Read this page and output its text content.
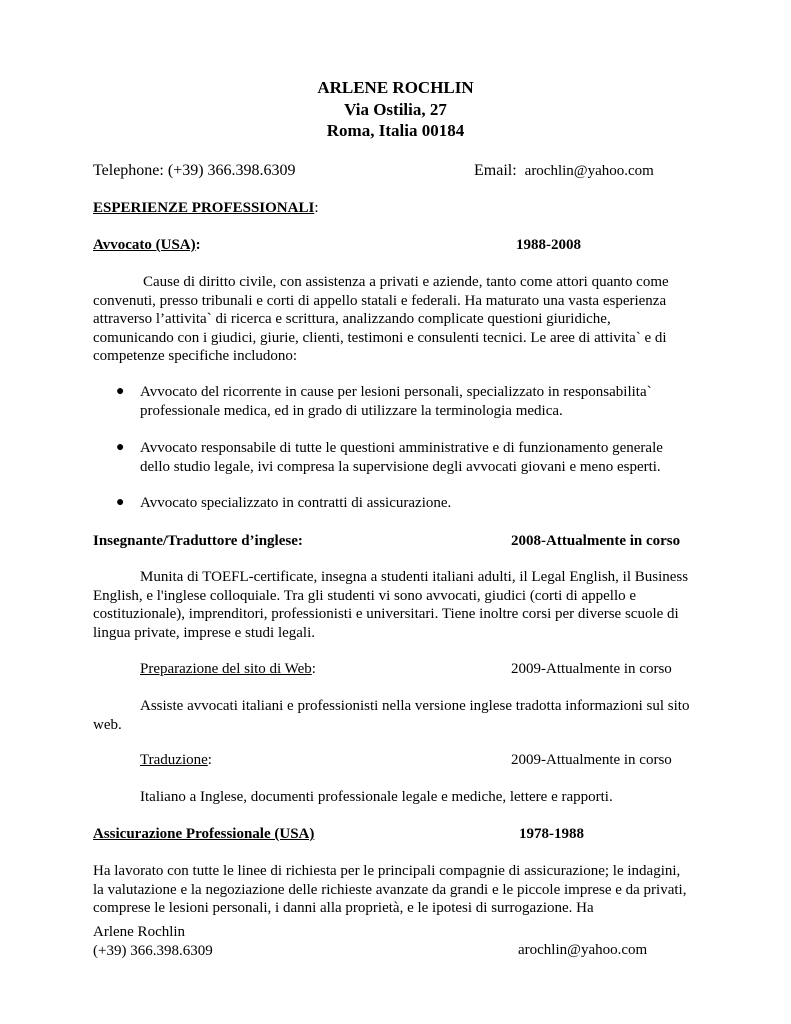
ARLENE ROCHLIN
Via Ostilia, 27
Roma, Italia 00184
Telephone: (+39) 366.398.6309	Email: arochlin@yahoo.com
ESPERIENZE PROFESSIONALI:
Avvocato (USA):	1988-2008

Cause di diritto civile, con assistenza a privati e aziende, tanto come attori quanto come convenuti, presso tribunali e corti di appello statali e federali. Ha maturato una vasta esperienza attraverso l’attivita` di ricerca e scrittura, analizzando complicate questioni giuridiche, comunicando con i giudici, giurie, clienti, testimoni e consulenti tecnici. Le aree di attivita` e di competenze specifiche includono:

● Avvocato del ricorrente in cause per lesioni personali, specializzato in responsabilita` professionale medica, ed in grado di utilizzare la terminologia medica.
● Avvocato responsabile di tutte le questioni amministrative e di funzionamento generale dello studio legale, ivi compresa la supervisione degli avvocati giovani e meno esperti.
● Avvocato specializzato in contratti di assicurazione.
Insegnante/Traduttore d’inglese:	2008-Attualmente in corso

Munita di TOEFL-certificate, insegna a studenti italiani adulti, il Legal English, il Business English, e l'inglese colloquiale. Tra gli studenti vi sono avvocati, giudici (corti di appello e costituzionale), imprenditori, professionisti e universitari. Tiene inoltre corsi per diverse scuole di lingua private, imprese e studi legali.

Preparazione del sito di Web:	2009-Attualmente in corso

Assiste avvocati italiani e professionisti nella versione inglese tradotta informazioni sul sito web.

Traduzione:	2009-Attualmente in corso
Italiano a Inglese, documenti professionale legale e mediche, lettere e rapporti.
Assicurazione Professionale (USA)	1978-1988

Ha lavorato con tutte le linee di richiesta per le principali compagnie di assicurazione; le indagini, la valutazione e la negoziazione delle richieste avanzate da grandi e le piccole imprese e da privati, comprese le lesioni personali, i danni alla proprietà, e le ipotesi di surrogazione. Ha

Arlene Rochlin
(+39) 366.398.6309	arochlin@yahoo.com
